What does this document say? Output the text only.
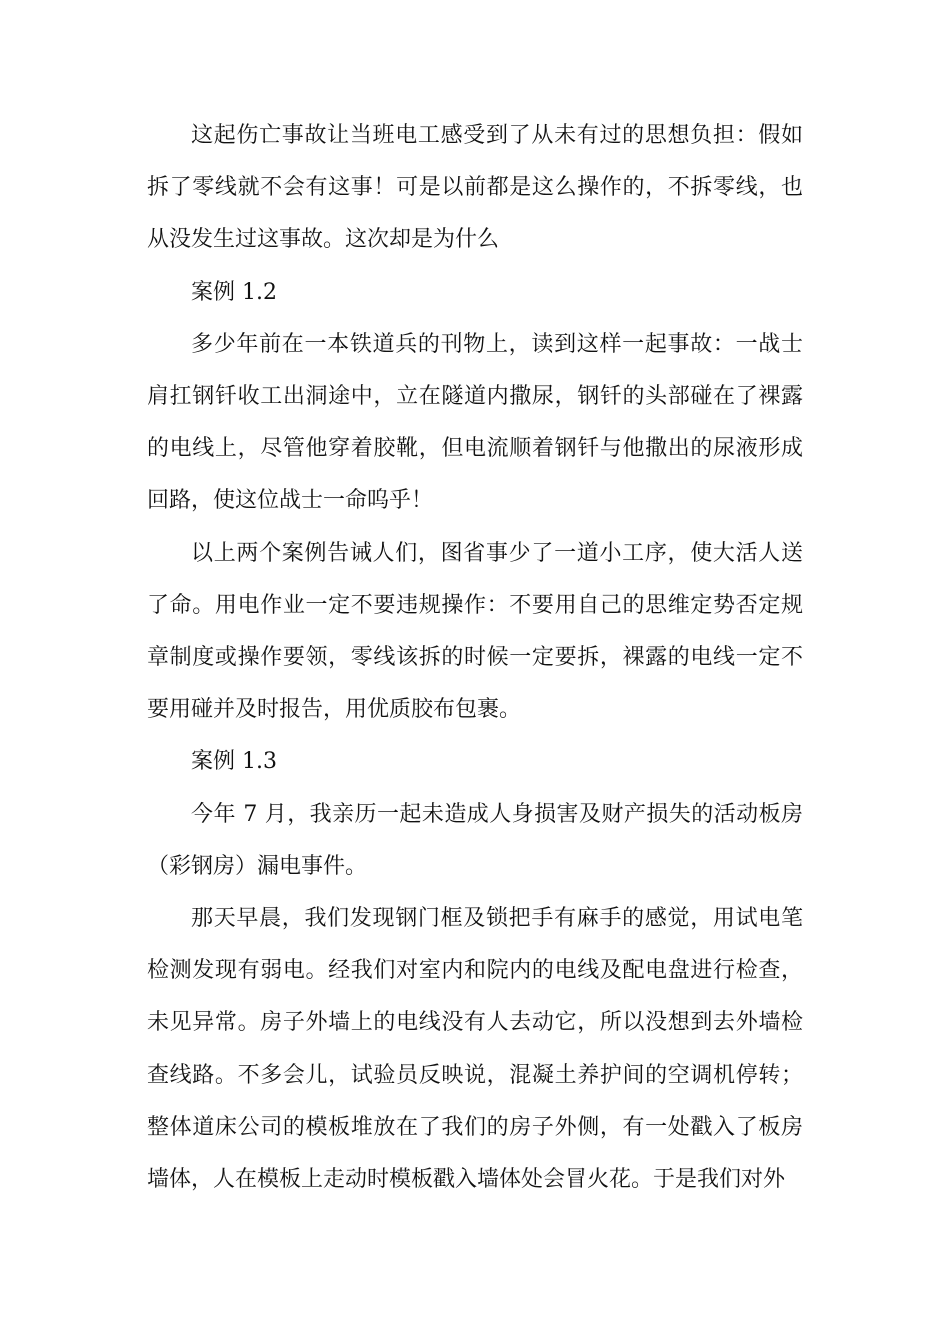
这起伤亡事故让当班电工感受到了从未有过的思想负担：假如拆了零线就不会有这事！可是以前都是这么操作的，不拆零线，也从没发生过这事故。这次却是为什么

案例 1.2

多少年前在一本铁道兵的刊物上，读到这样一起事故：一战士肩扛钢钎收工出洞途中，立在隧道内撒尿，钢钎的头部碰在了裸露的电线上，尽管他穿着胶靴，但电流顺着钢钎与他撒出的尿液形成回路，使这位战士一命呜乎！

以上两个案例告诫人们，图省事少了一道小工序，使大活人送了命。用电作业一定不要违规操作：不要用自己的思维定势否定规章制度或操作要领，零线该拆的时候一定要拆，裸露的电线一定不要用碰并及时报告，用优质胶布包裹。

案例 1.3

今年 7 月，我亲历一起未造成人身损害及财产损失的活动板房（彩钢房）漏电事件。

那天早晨，我们发现钢门框及锁把手有麻手的感觉，用试电笔检测发现有弱电。经我们对室内和院内的电线及配电盘进行检查，未见异常。房子外墙上的电线没有人去动它，所以没想到去外墙检查线路。不多会儿，试验员反映说，混凝土养护间的空调机停转；整体道床公司的模板堆放在了我们的房子外侧，有一处戳入了板房墙体，人在模板上走动时模板戳入墙体处会冒火花。于是我们对外
